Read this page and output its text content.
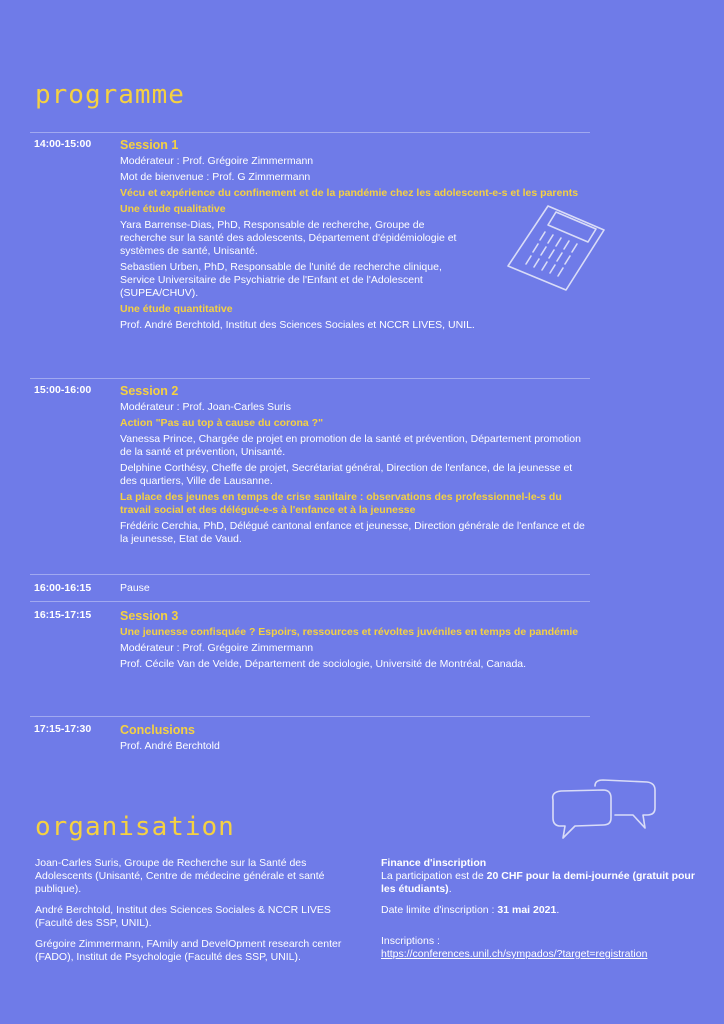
programme
14:00-15:00 Session 1
Modérateur : Prof. Grégoire Zimmermann
Mot de bienvenue : Prof. G Zimmermann
Vécu et expérience du confinement et de la pandémie chez les adolescent-e-s et les parents
Une étude qualitative
Yara Barrense-Dias, PhD, Responsable de recherche, Groupe de recherche sur la santé des adolescents, Département d'épidémiologie et systèmes de santé, Unisanté.
Sebastien Urben, PhD, Responsable de l'unité de recherche clinique, Service Universitaire de Psychiatrie de l'Enfant et de l'Adolescent (SUPEA/CHUV).
Une étude quantitative
Prof. André Berchtold, Institut des Sciences Sociales et NCCR LIVES, UNIL.
15:00-16:00 Session 2
Modérateur : Prof. Joan-Carles Suris
Action "Pas au top à cause du corona ?"
Vanessa Prince, Chargée de projet en promotion de la santé et prévention, Département promotion de la santé et prévention, Unisanté.
Delphine Corthésy, Cheffe de projet, Secrétariat général, Direction de l'enfance, de la jeunesse et des quartiers, Ville de Lausanne.
La place des jeunes en temps de crise sanitaire : observations des professionnel-le-s du travail social et des délégué-e-s à l'enfance et à la jeunesse
Frédéric Cerchia, PhD, Délégué cantonal enfance et jeunesse, Direction générale de l'enfance et de la jeunesse, Etat de Vaud.
16:00-16:15	Pause
16:15-17:15 Session 3
Une jeunesse confisquée ? Espoirs, ressources et révoltes juvéniles en temps de pandémie
Modérateur : Prof. Grégoire Zimmermann
Prof. Cécile Van de Velde, Département de sociologie, Université de Montréal, Canada.
17:15-17:30 Conclusions
Prof. André Berchtold
organisation

Joan-Carles Suris, Groupe de Recherche sur la Santé des Adolescents (Unisanté, Centre de médecine générale et santé publique).

André Berchtold, Institut des Sciences Sociales & NCCR LIVES (Faculté des SSP, UNIL).

Grégoire Zimmermann, FAmily and DevelOpment research center (FADO), Institut de Psychologie (Faculté des SSP, UNIL).

Finance d'inscription
La participation est de 20 CHF pour la demi-journée (gratuit pour les étudiants).

Date limite d'inscription : 31 mai 2021.

Inscriptions :
https://conferences.unil.ch/sympados/?target=registration
